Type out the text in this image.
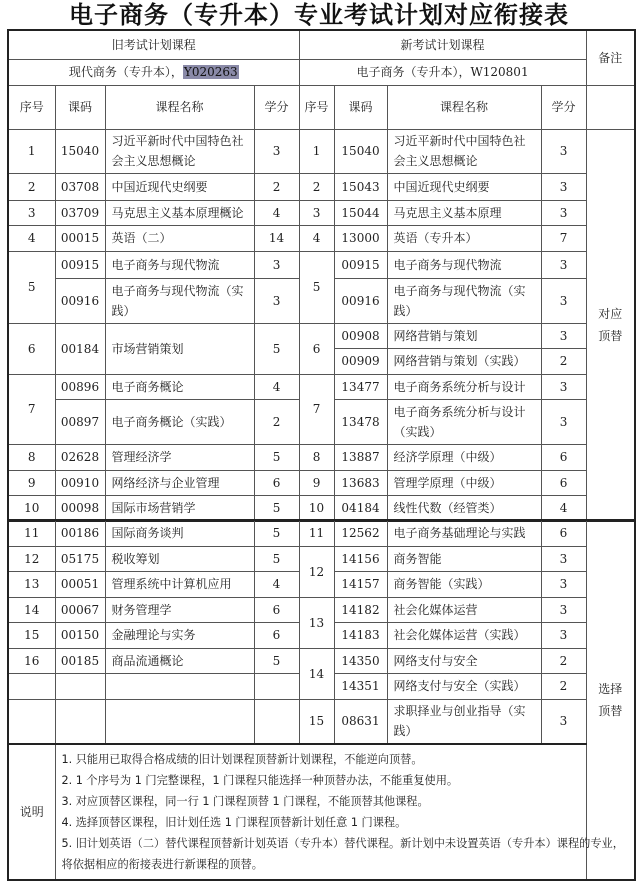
电子商务（专升本）专业考试计划对应衔接表
旧考试计划课程				新考试计划课程				备注
现代商务（专升本），Y020263				电子商务（专升本），W120801				
序号	课码	课程名称	学分	序号	课码	课程名称	学分	
1	15040	习近平新时代中国特色社会主义思想概论	3	1	15040	习近平新时代中国特色社会主义思想概论	3	对应顶替
2	03708	中国近现代史纲要	2	2	15043	中国近现代史纲要	3	
3	03709	马克思主义基本原理概论	4	3	15044	马克思主义基本原理	3	
4	00015	英语（二）	14	4	13000	英语（专升本）	7	
5	00915	电子商务与现代物流	3	5	00915	电子商务与现代物流	3	
	00916	电子商务与现代物流（实践）	3		00916	电子商务与现代物流（实践）	3	
6	00184	市场营销策划	5	6	00908	网络营销与策划	3	
					00909	网络营销与策划（实践）	2	
7	00896	电子商务概论	4	7	13477	电子商务系统分析与设计	3	
	00897	电子商务概论（实践）	2		13478	电子商务系统分析与设计（实践）	3	
8	02628	管理经济学	5	8	13887	经济学原理（中级）	6	
9	00910	网络经济与企业管理	6	9	13683	管理学原理（中级）	6	
10	00098	国际市场营销学	5	10	04184	线性代数（经管类）	4	
11	00186	国际商务谈判	5	11	12562	电子商务基础理论与实践	6	选择顶替
12	05175	税收筹划	5	12	14156	商务智能	3	
13	00051	管理系统中计算机应用	4		14157	商务智能（实践）	3	
14	00067	财务管理学	6	13	14182	社会化媒体运营	3	
15	00150	金融理论与实务	6		14183	社会化媒体运营（实践）	3	
16	00185	商品流通概论	5	14	14350	网络支付与安全	2	
					14351	网络支付与安全（实践）	2	
				15	08631	求职择业与创业指导（实践）	3	
说明	1. 只能用已取得合格成绩的旧计划课程顶替新计划课程，不能逆向顶替。
2. 1 个序号为 1 门完整课程，1 门课程只能选择一种顶替办法，不能重复使用。
3. 对应顶替区课程，同一行 1 门课程顶替 1 门课程，不能顶替其他课程。
4. 选择顶替区课程，旧计划任选 1 门课程顶替新计划任意 1 门课程。
5. 旧计划英语（二）替代课程顶替新计划英语（专升本）替代课程。新计划中未设置英语（专升本）课程的专业，将依据相应的衔接表进行新课程的顶替。							
